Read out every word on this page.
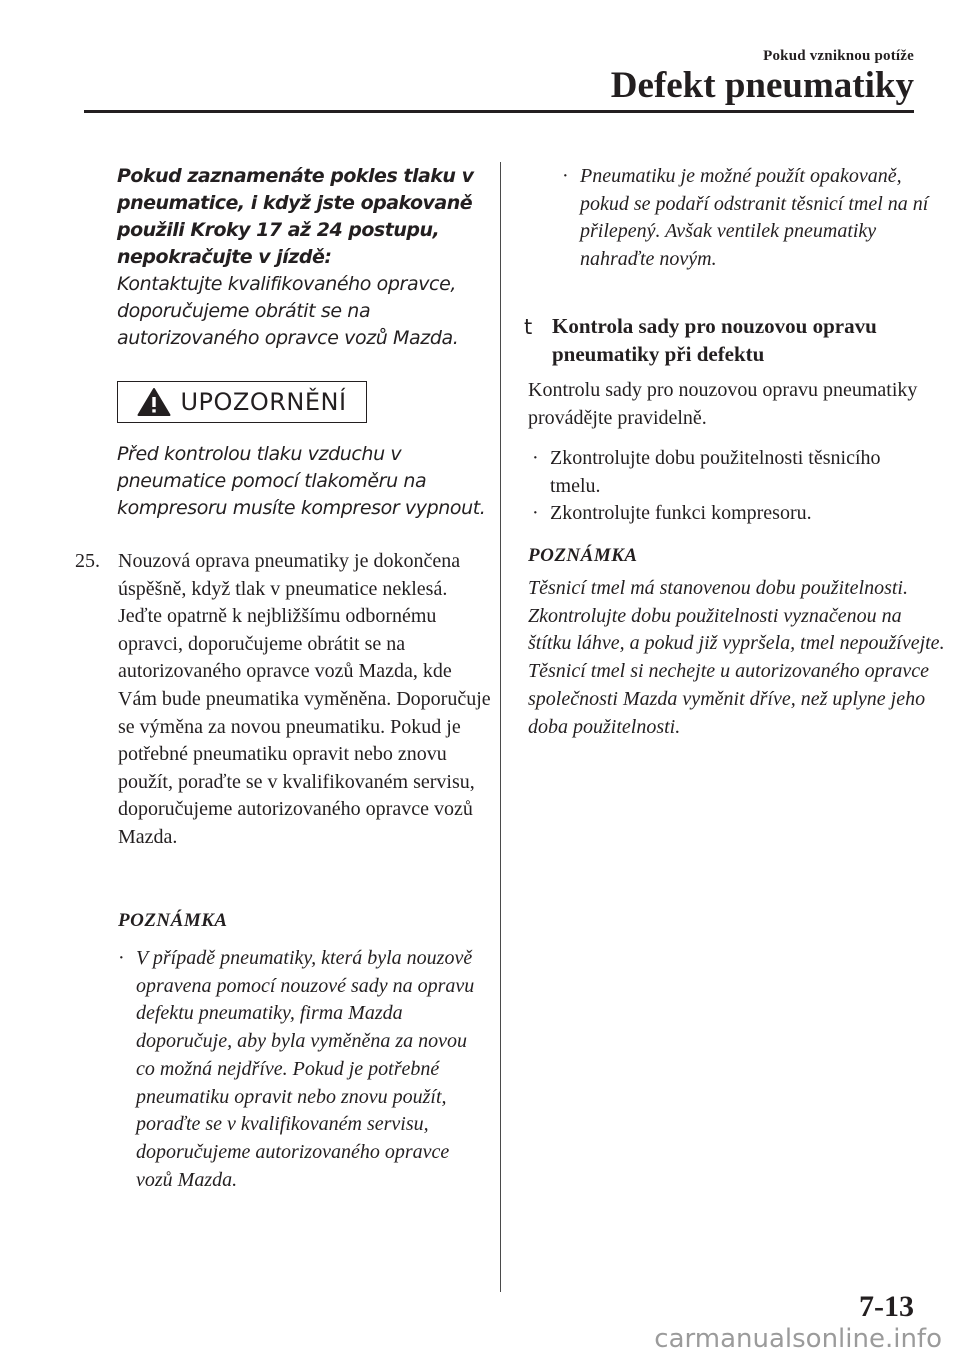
Pokud vzniknou potíže
Defekt pneumatiky
Pokud zaznamenáte pokles tlaku v pneumatice, i když jste opakovaně použili Kroky 17 až 24 postupu, nepokračujte v jízdě:
Kontaktujte kvalifikovaného opravce, doporučujeme obrátit se na autorizovaného opravce vozů Mazda.
UPOZORNĚNÍ
Před kontrolou tlaku vzduchu v pneumatice pomocí tlakoměru na kompresoru musíte kompresor vypnout.
25. Nouzová oprava pneumatiky je dokončena úspěšně, když tlak v pneumatice neklesá. Jeďte opatrně k nejbližšímu odbornému opravci, doporučujeme obrátit se na autorizovaného opravce vozů Mazda, kde Vám bude pneumatika vyměněna. Doporučuje se výměna za novou pneumatiku. Pokud je potřebné pneumatiku opravit nebo znovu použít, poraďte se v kvalifikovaném servisu, doporučujeme autorizovaného opravce vozů Mazda.
POZNÁMKA
· V případě pneumatiky, která byla nouzově opravena pomocí nouzové sady na opravu defektu pneumatiky, firma Mazda doporučuje, aby byla vyměněna za novou co možná nejdříve. Pokud je potřebné pneumatiku opravit nebo znovu použít, poraďte se v kvalifikovaném servisu, doporučujeme autorizovaného opravce vozů Mazda.
· Pneumatiku je možné použít opakovaně, pokud se podaří odstranit těsnicí tmel na ní přilepený. Avšak ventilek pneumatiky nahraďte novým.
t Kontrola sady pro nouzovou opravu pneumatiky při defektu
Kontrolu sady pro nouzovou opravu pneumatiky provádějte pravidelně.
· Zkontrolujte dobu použitelnosti těsnicího tmelu.
· Zkontrolujte funkci kompresoru.
POZNÁMKA
Těsnicí tmel má stanovenou dobu použitelnosti. Zkontrolujte dobu použitelnosti vyznačenou na štítku láhve, a pokud již vypršela, tmel nepoužívejte. Těsnicí tmel si nechejte u autorizovaného opravce společnosti Mazda vyměnit dříve, než uplyne jeho doba použitelnosti.
7-13
carmanualsonline.info
